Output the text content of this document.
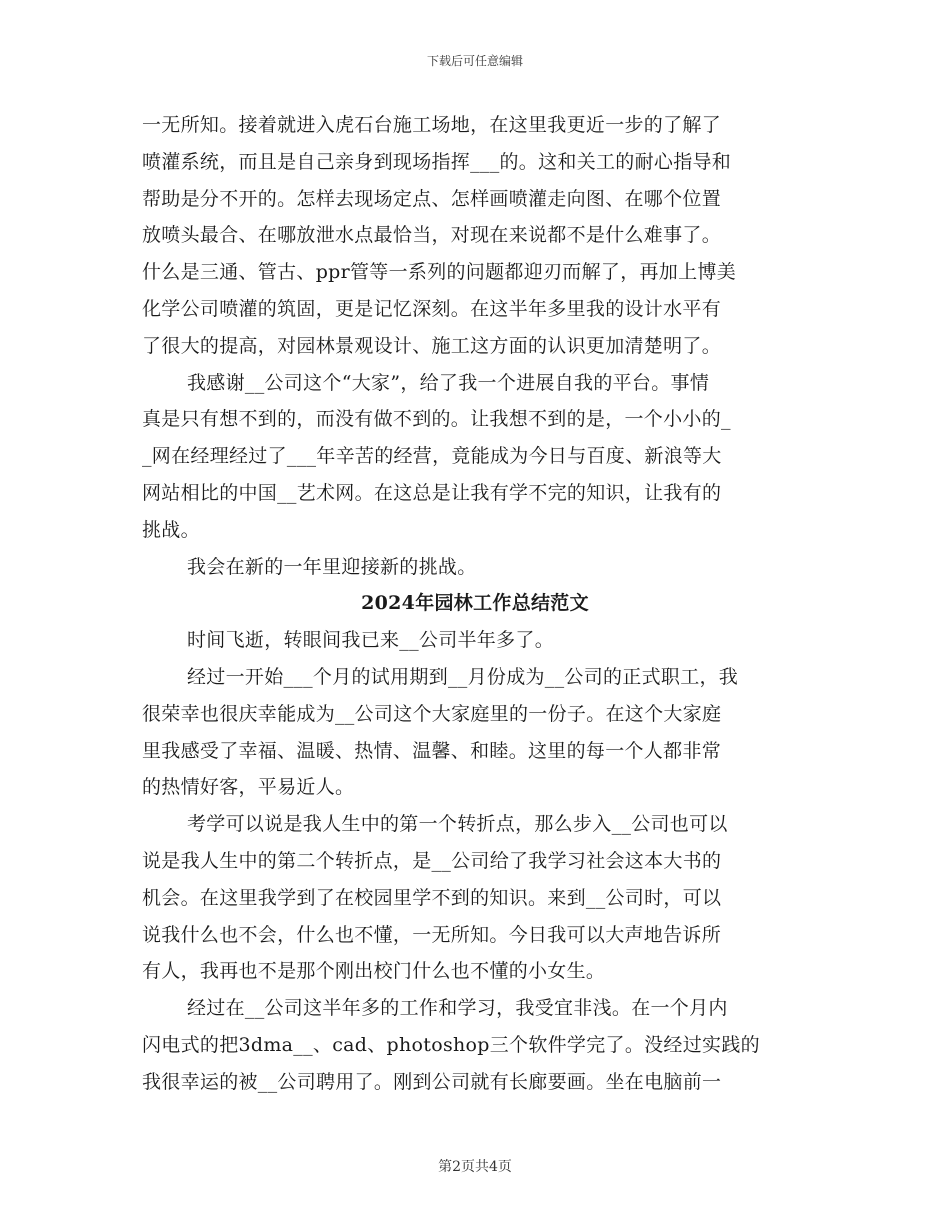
下载后可任意编辑
一无所知。接着就进入虎石台施工场地，在这里我更近一步的了解了
喷灌系统，而且是自己亲身到现场指挥___的。这和关工的耐心指导和
帮助是分不开的。怎样去现场定点、怎样画喷灌走向图、在哪个位置
放喷头最合、在哪放泄水点最恰当，对现在来说都不是什么难事了。
什么是三通、管古、ppr管等一系列的问题都迎刃而解了，再加上博美
化学公司喷灌的筑固，更是记忆深刻。在这半年多里我的设计水平有
了很大的提高，对园林景观设计、施工这方面的认识更加清楚明了。
我感谢__公司这个“大家”，给了我一个进展自我的平台。事情
真是只有想不到的，而没有做不到的。让我想不到的是，一个小小的_
_网在经理经过了___年辛苦的经营，竟能成为今日与百度、新浪等大
网站相比的中国__艺术网。在这总是让我有学不完的知识，让我有的
挑战。
我会在新的一年里迎接新的挑战。
2024年园林工作总结范文
时间飞逝，转眼间我已来__公司半年多了。
经过一开始___个月的试用期到__月份成为__公司的正式职工，我
很荣幸也很庆幸能成为__公司这个大家庭里的一份子。在这个大家庭
里我感受了幸福、温暖、热情、温馨、和睦。这里的每一个人都非常
的热情好客，平易近人。
考学可以说是我人生中的第一个转折点，那么步入__公司也可以
说是我人生中的第二个转折点，是__公司给了我学习社会这本大书的
机会。在这里我学到了在校园里学不到的知识。来到__公司时，可以
说我什么也不会，什么也不懂，一无所知。今日我可以大声地告诉所
有人，我再也不是那个刚出校门什么也不懂的小女生。
经过在__公司这半年多的工作和学习，我受宜非浅。在一个月内
闪电式的把3dma__、cad、photoshop三个软件学完了。没经过实践的
我很幸运的被__公司聘用了。刚到公司就有长廊要画。坐在电脑前一
第2页共4页
